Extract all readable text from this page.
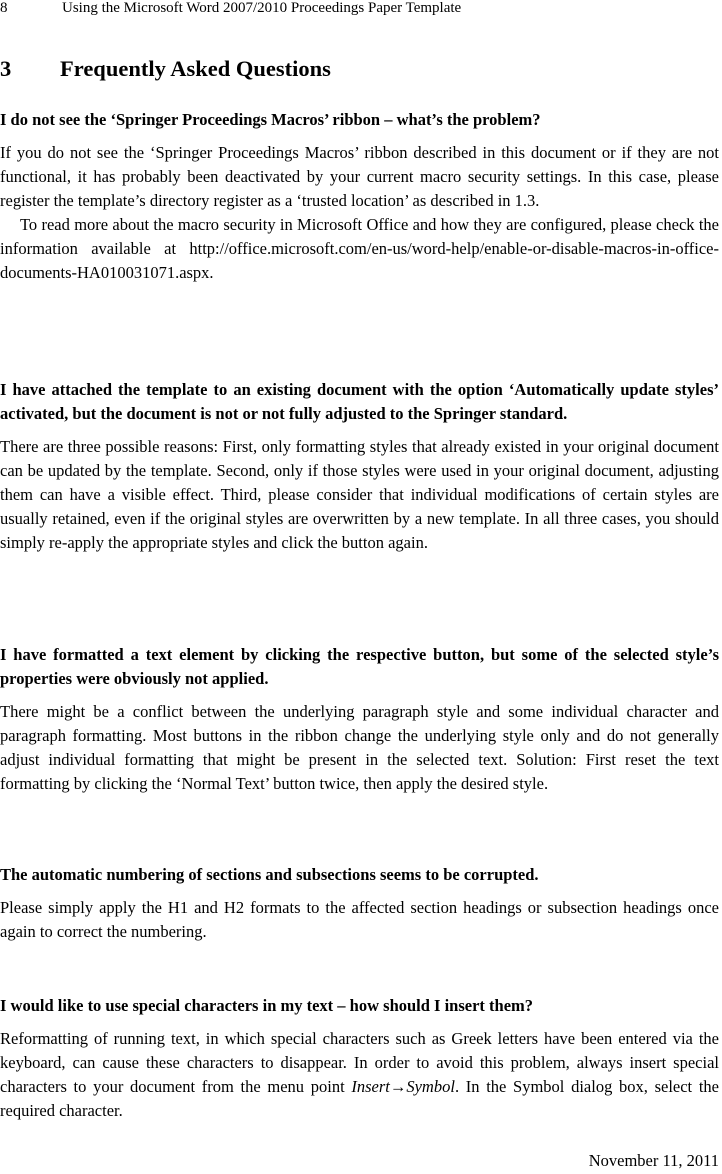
8	Using the Microsoft Word 2007/2010 Proceedings Paper Template
3 Frequently Asked Questions
I do not see the ‘Springer Proceedings Macros’ ribbon – what’s the problem?

If you do not see the ‘Springer Proceedings Macros’ ribbon described in this document or if they are not functional, it has probably been deactivated by your current macro security settings. In this case, please register the template’s directory register as a ‘trusted location’ as described in 1.3.

To read more about the macro security in Microsoft Office and how they are configured, please check the information available at http://office.microsoft.com/en-us/word-help/enable-or-disable-macros-in-office-documents-HA010031071.aspx.

I have attached the template to an existing document with the option ‘Automatically update styles’ activated, but the document is not or not fully adjusted to the Springer standard.

There are three possible reasons: First, only formatting styles that already existed in your original document can be updated by the template. Second, only if those styles were used in your original document, adjusting them can have a visible effect. Third, please consider that individual modifications of certain styles are usually retained, even if the original styles are overwritten by a new template. In all three cases, you should simply re-apply the appropriate styles and click the button again.

I have formatted a text element by clicking the respective button, but some of the selected style’s properties were obviously not applied.

There might be a conflict between the underlying paragraph style and some individual character and paragraph formatting. Most buttons in the ribbon change the underlying style only and do not generally adjust individual formatting that might be present in the selected text. Solution: First reset the text formatting by clicking the ‘Normal Text’ button twice, then apply the desired style.

The automatic numbering of sections and subsections seems to be corrupted.

Please simply apply the H1 and H2 formats to the affected section headings or subsection headings once again to correct the numbering.

I would like to use special characters in my text – how should I insert them?

Reformatting of running text, in which special characters such as Greek letters have been entered via the keyboard, can cause these characters to disappear. In order to avoid this problem, always insert special characters to your document from the menu point Insert→Symbol. In the Symbol dialog box, select the required character.

November 11, 2011
